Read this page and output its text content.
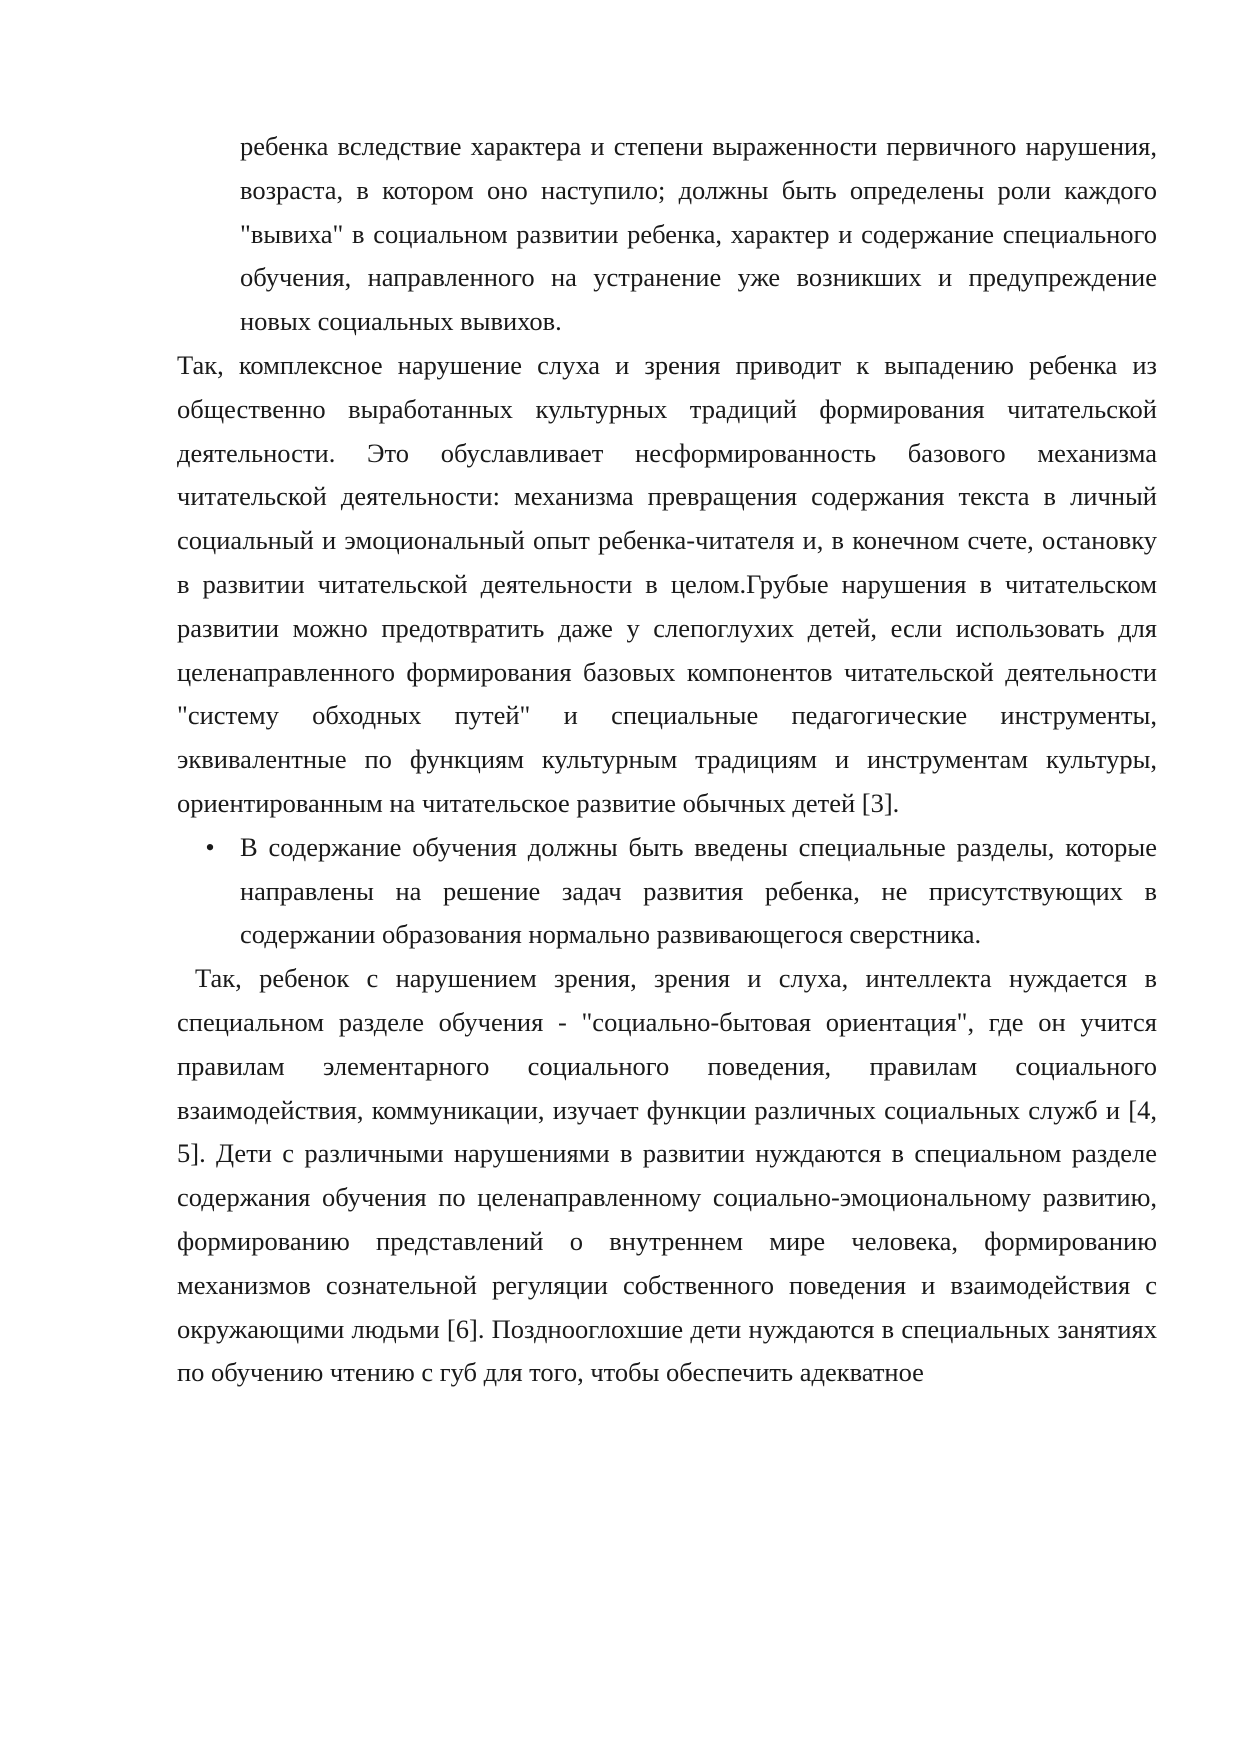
ребенка вследствие характера и степени выраженности первичного нарушения, возраста, в котором оно наступило; должны быть определены роли каждого "вывиха" в социальном развитии ребенка, характер и содержание специального обучения, направленного на устранение уже возникших и предупреждение новых социальных вывихов.

Так, комплексное нарушение слуха и зрения приводит к выпадению ребенка из общественно выработанных культурных традиций формирования читательской деятельности. Это обуславливает несформированность базового механизма читательской деятельности: механизма превращения содержания текста в личный социальный и эмоциональный опыт ребенка-читателя и, в конечном счете, остановку в развитии читательской деятельности в целом.Грубые нарушения в читательском развитии можно предотвратить даже у слепоглухих детей, если использовать для целенаправленного формирования базовых компонентов читательской деятельности "систему обходных путей" и специальные педагогические инструменты, эквивалентные по функциям культурным традициям и инструментам культуры, ориентированным на читательское развитие обычных детей [3].

• В содержание обучения должны быть введены специальные разделы, которые направлены на решение задач развития ребенка, не присутствующих в содержании образования нормально развивающегося сверстника.

Так, ребенок с нарушением зрения, зрения и слуха, интеллекта нуждается в специальном разделе обучения - "социально-бытовая ориентация", где он учится правилам элементарного социального поведения, правилам социального взаимодействия, коммуникации, изучает функции различных социальных служб и [4, 5]. Дети с различными нарушениями в развитии нуждаются в специальном разделе содержания обучения по целенаправленному социально-эмоциональному развитию, формированию представлений о внутреннем мире человека, формированию механизмов сознательной регуляции собственного поведения и взаимодействия с окружающими людьми [6]. Позднооглохшие дети нуждаются в специальных занятиях по обучению чтению с губ для того, чтобы обеспечить адекватное
